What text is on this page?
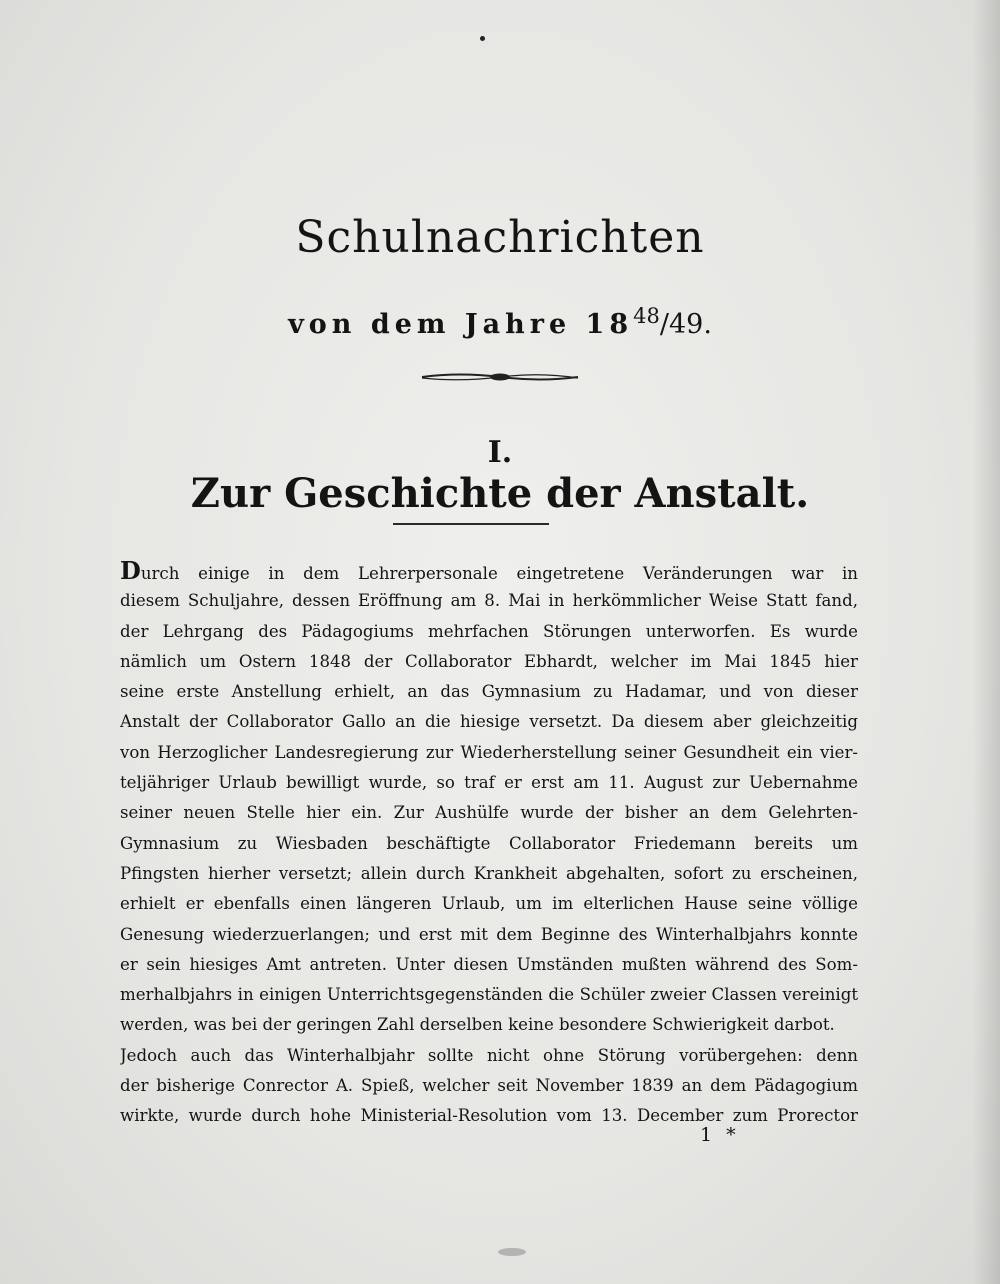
Schulnachrichten

von dem Jahre $18^{48}/49$.

I.
Zur Geschichte der Anstalt.
Durch einige in dem Lehrerpersonale eingetretene Veränderungen war in
diesem Schuljahre, dessen Eröffnung am 8. Mai in herkömmlicher Weise Statt fand,
der Lehrgang des Pädagogiums mehrfachen Störungen unterworfen. Es wurde
nämlich um Ostern 1848 der Collaborator Ebhardt, welcher im Mai 1845 hier
seine erste Anstellung erhielt, an das Gymnasium zu Hadamar, und von dieser
Anstalt der Collaborator Gallo an die hiesige versetzt. Da diesem aber gleichzeitig
von Herzoglicher Landesregierung zur Wiederherstellung seiner Gesundheit ein vier-
teljähriger Urlaub bewilligt wurde, so traf er erst am 11. August zur Uebernahme
seiner neuen Stelle hier ein. Zur Aushülfe wurde der bisher an dem Gelehrten-
Gymnasium zu Wiesbaden beschäftigte Collaborator Friedemann bereits um
Pfingsten hierher versetzt; allein durch Krankheit abgehalten, sofort zu erscheinen,
erhielt er ebenfalls einen längeren Urlaub, um im elterlichen Hause seine völlige
Genesung wiederzuerlangen; und erst mit dem Beginne des Winterhalbjahrs konnte
er sein hiesiges Amt antreten. Unter diesen Umständen mußten während des Som-
merhalbjahrs in einigen Unterrichtsgegenständen die Schüler zweier Classen vereinigt
werden, was bei der geringen Zahl derselben keine besondere Schwierigkeit darbot.
Jedoch auch das Winterhalbjahr sollte nicht ohne Störung vorübergehen: denn
der bisherige Conrector A. Spieß, welcher seit November 1839 an dem Pädagogium
wirkte, wurde durch hohe Ministerial-Resolution vom 13. December zum Prorector

1 *
